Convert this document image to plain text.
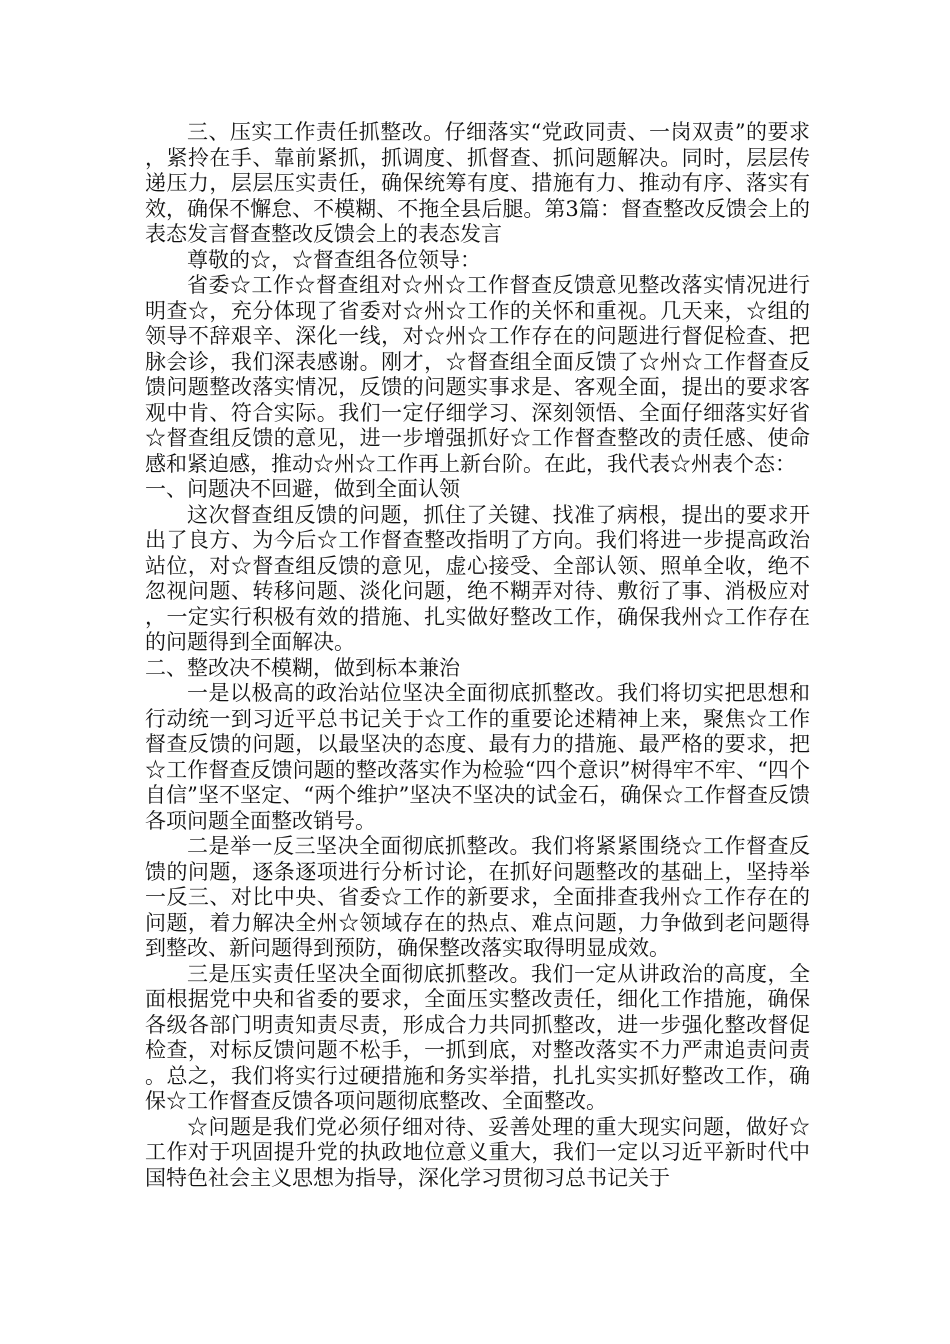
三、压实工作责任抓整改。仔细落实“党政同责、一岗双责”的要求，紧拎在手、靠前紧抓，抓调度、抓督查、抓问题解决。同时，层层传递压力，层层压实责任，确保统筹有度、措施有力、推动有序、落实有效，确保不懈怠、不模糊、不拖全县后腿。第3篇：督查整改反馈会上的表态发言督查整改反馈会上的表态发言

尊敬的☆，☆督查组各位领导：

省委☆工作☆督查组对☆州☆工作督查反馈意见整改落实情况进行明查☆，充分体现了省委对☆州☆工作的关怀和重视。几天来，☆组的领导不辞艰辛、深化一线，对☆州☆工作存在的问题进行督促检查、把脉会诊，我们深表感谢。刚才，☆督查组全面反馈了☆州☆工作督查反馈问题整改落实情况，反馈的问题实事求是、客观全面，提出的要求客观中肯、符合实际。我们一定仔细学习、深刻领悟、全面仔细落实好省☆督查组反馈的意见，进一步增强抓好☆工作督查整改的责任感、使命感和紧迫感，推动☆州☆工作再上新台阶。在此，我代表☆州表个态：

一、问题决不回避，做到全面认领

这次督查组反馈的问题，抓住了关键、找准了病根，提出的要求开出了良方、为今后☆工作督查整改指明了方向。我们将进一步提高政治站位，对☆督查组反馈的意见，虚心接受、全部认领、照单全收，绝不忽视问题、转移问题、淡化问题，绝不糊弄对待、敷衍了事、消极应对，一定实行积极有效的措施、扎实做好整改工作，确保我州☆工作存在的问题得到全面解决。

二、整改决不模糊，做到标本兼治

一是以极高的政治站位坚决全面彻底抓整改。我们将切实把思想和行动统一到习近平总书记关于☆工作的重要论述精神上来，聚焦☆工作督查反馈的问题，以最坚决的态度、最有力的措施、最严格的要求，把☆工作督查反馈问题的整改落实作为检验“四个意识”树得牢不牢、“四个自信”坚不坚定、“两个维护”坚决不坚决的试金石，确保☆工作督查反馈各项问题全面整改销号。

二是举一反三坚决全面彻底抓整改。我们将紧紧围绕☆工作督查反馈的问题，逐条逐项进行分析讨论，在抓好问题整改的基础上，坚持举一反三、对比中央、省委☆工作的新要求，全面排查我州☆工作存在的问题，着力解决全州☆领域存在的热点、难点问题，力争做到老问题得到整改、新问题得到预防，确保整改落实取得明显成效。

三是压实责任坚决全面彻底抓整改。我们一定从讲政治的高度，全面根据党中央和省委的要求，全面压实整改责任，细化工作措施，确保各级各部门明责知责尽责，形成合力共同抓整改，进一步强化整改督促检查，对标反馈问题不松手，一抓到底，对整改落实不力严肃追责问责。总之，我们将实行过硬措施和务实举措，扎扎实实抓好整改工作，确保☆工作督查反馈各项问题彻底整改、全面整改。

☆问题是我们党必须仔细对待、妥善处理的重大现实问题，做好☆工作对于巩固提升党的执政地位意义重大，我们一定以习近平新时代中国特色社会主义思想为指导，深化学习贯彻习总书记关于
